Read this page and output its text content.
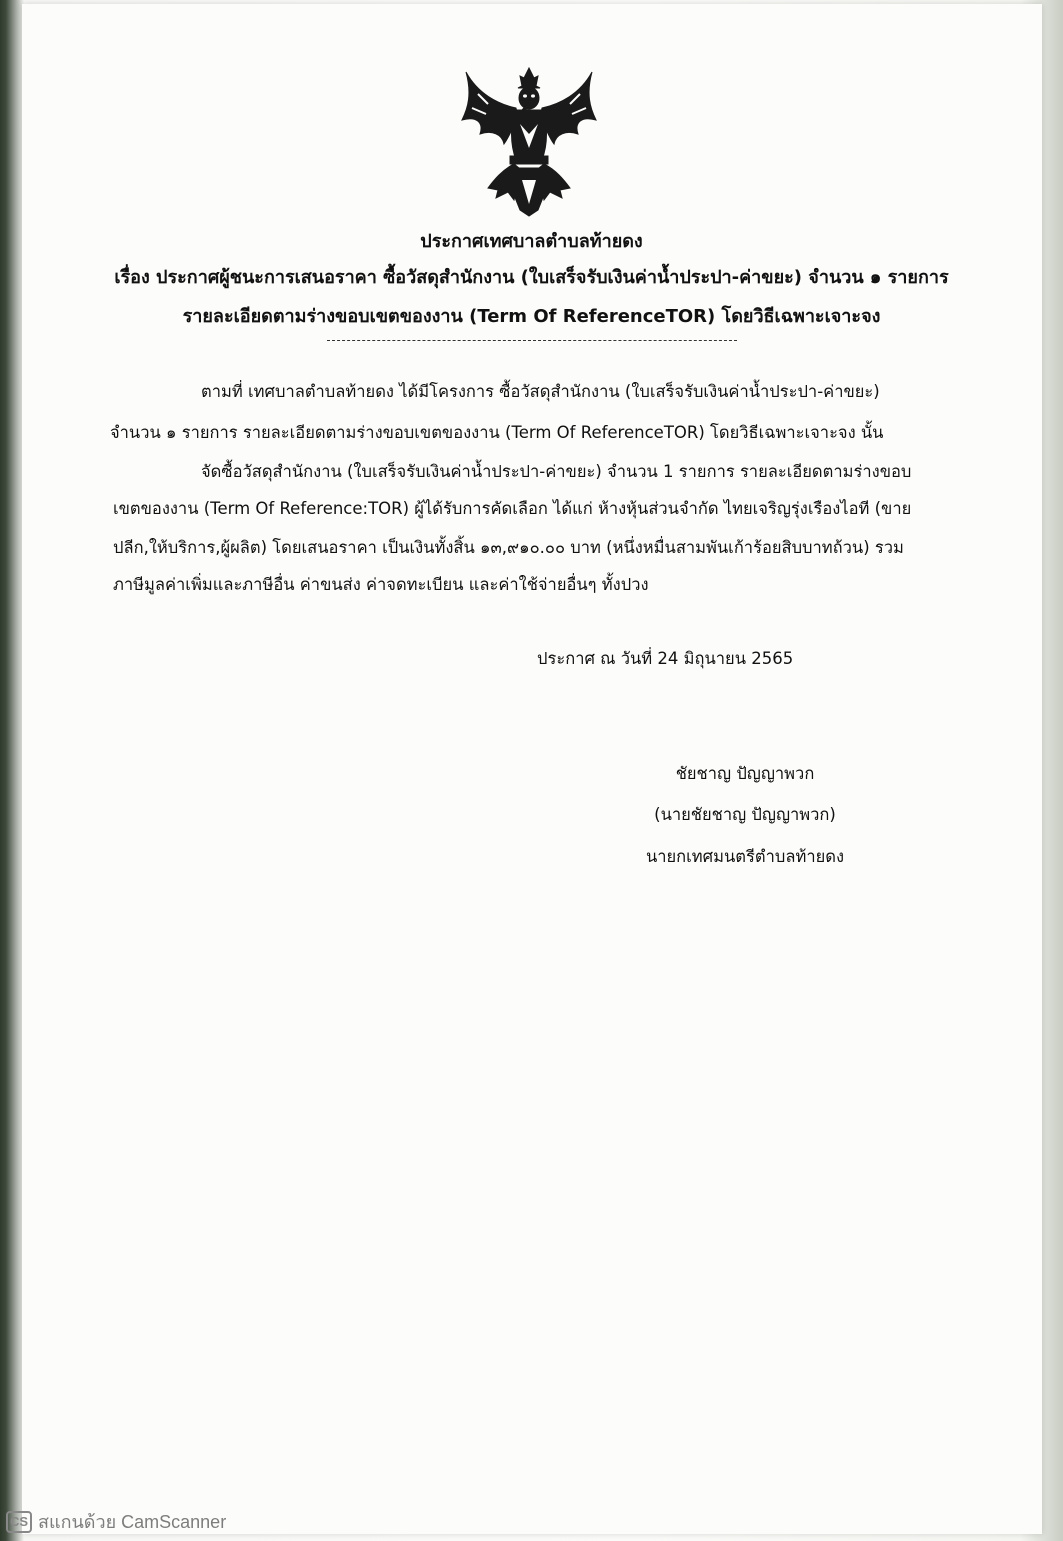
ประกาศเทศบาลตำบลท้ายดง
เรื่อง ประกาศผู้ชนะการเสนอราคา ซื้อวัสดุสำนักงาน (ใบเสร็จรับเงินค่าน้ำประปา-ค่าขยะ) จำนวน ๑ รายการ
รายละเอียดตามร่างขอบเขตของงาน (Term Of ReferenceTOR) โดยวิธีเฉพาะเจาะจง
ตามที่ เทศบาลตำบลท้ายดง ได้มีโครงการ ซื้อวัสดุสำนักงาน (ใบเสร็จรับเงินค่าน้ำประปา-ค่าขยะ)
จำนวน ๑ รายการ รายละเอียดตามร่างขอบเขตของงาน (Term Of ReferenceTOR) โดยวิธีเฉพาะเจาะจง นั้น
จัดซื้อวัสดุสำนักงาน (ใบเสร็จรับเงินค่าน้ำประปา-ค่าขยะ) จำนวน 1 รายการ รายละเอียดตามร่างขอบ
เขตของงาน (Term Of Reference:TOR) ผู้ได้รับการคัดเลือก ได้แก่ ห้างหุ้นส่วนจำกัด ไทยเจริญรุ่งเรืองไอที (ขาย
ปลีก,ให้บริการ,ผู้ผลิต) โดยเสนอราคา เป็นเงินทั้งสิ้น ๑๓,๙๑๐.๐๐ บาท (หนึ่งหมื่นสามพันเก้าร้อยสิบบาทถ้วน) รวม
ภาษีมูลค่าเพิ่มและภาษีอื่น ค่าขนส่ง ค่าจดทะเบียน และค่าใช้จ่ายอื่นๆ ทั้งปวง
ประกาศ ณ วันที่ 24 มิถุนายน 2565
ชัยชาญ ปัญญาพวก
(นายชัยชาญ ปัญญาพวก)
นายกเทศมนตรีตำบลท้ายดง
CS สแกนด้วย CamScanner
